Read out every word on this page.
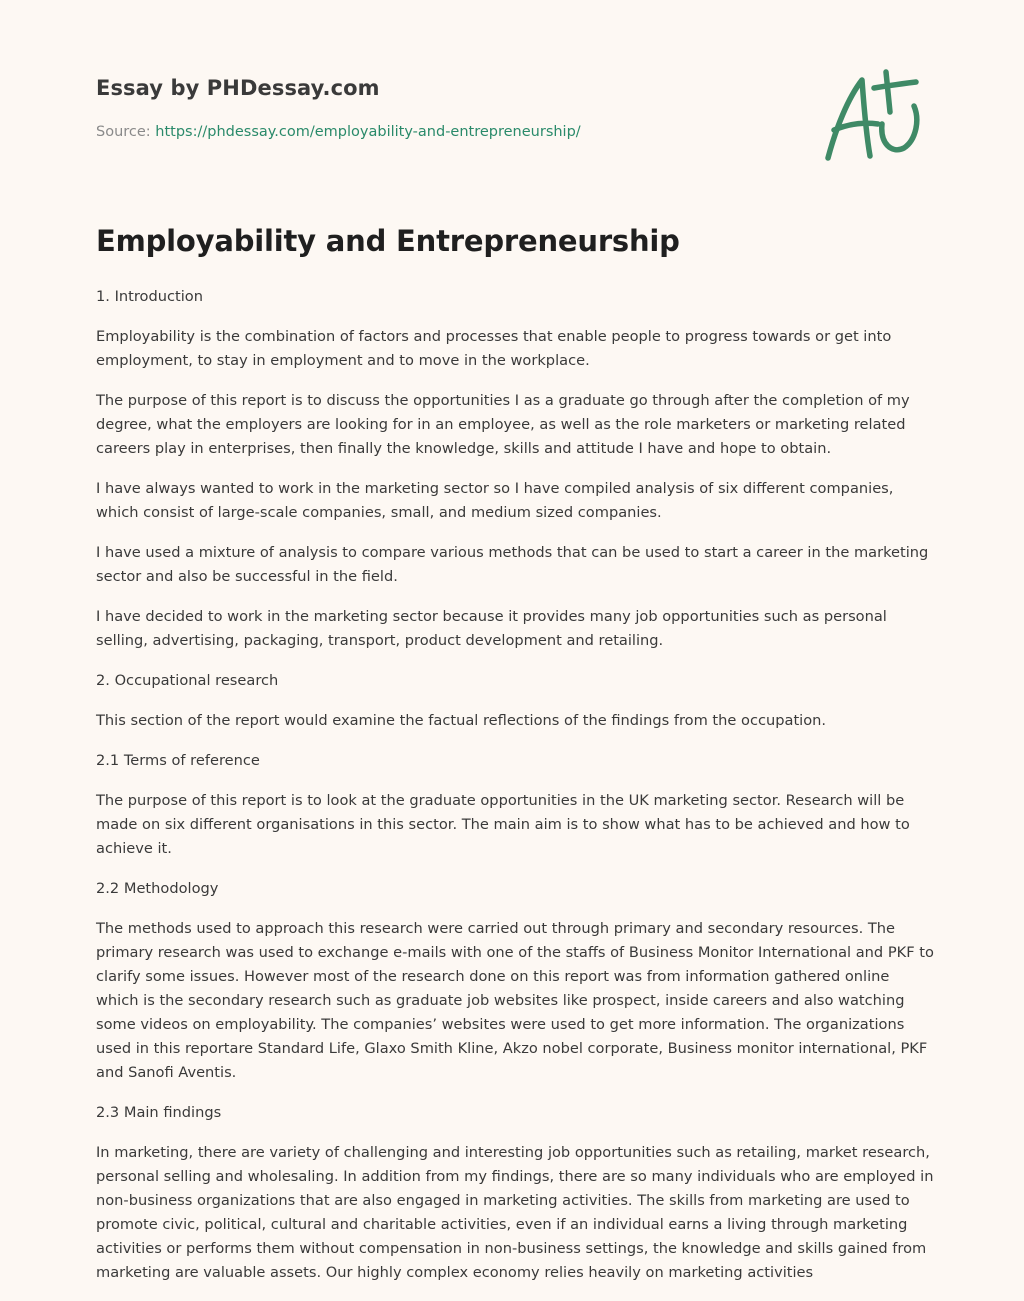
Essay by PHDessay.com
Source: https://phdessay.com/employability-and-entrepreneurship/
Employability and Entrepreneurship

1. Introduction

Employability is the combination of factors and processes that enable people to progress towards or get into employment, to stay in employment and to move in the workplace.

The purpose of this report is to discuss the opportunities I as a graduate go through after the completion of my degree, what the employers are looking for in an employee, as well as the role marketers or marketing related careers play in enterprises, then finally the knowledge, skills and attitude I have and hope to obtain.

I have always wanted to work in the marketing sector so I have compiled analysis of six different companies, which consist of large-scale companies, small, and medium sized companies.

I have used a mixture of analysis to compare various methods that can be used to start a career in the marketing sector and also be successful in the field.

I have decided to work in the marketing sector because it provides many job opportunities such as personal selling, advertising, packaging, transport, product development and retailing.

2. Occupational research

This section of the report would examine the factual reflections of the findings from the occupation.

2.1 Terms of reference

The purpose of this report is to look at the graduate opportunities in the UK marketing sector. Research will be made on six different organisations in this sector. The main aim is to show what has to be achieved and how to achieve it.

2.2 Methodology

The methods used to approach this research were carried out through primary and secondary resources. The primary research was used to exchange e-mails with one of the staffs of Business Monitor International and PKF to clarify some issues. However most of the research done on this report was from information gathered online which is the secondary research such as graduate job websites like prospect, inside careers and also watching some videos on employability. The companies’ websites were used to get more information. The organizations used in this reportare Standard Life, Glaxo Smith Kline, Akzo nobel corporate, Business monitor international, PKF and Sanofi Aventis.

2.3 Main findings

In marketing, there are variety of challenging and interesting job opportunities such as retailing, market research, personal selling and wholesaling. In addition from my findings, there are so many individuals who are employed in non-business organizations that are also engaged in marketing activities. The skills from marketing are used to promote civic, political, cultural and charitable activities, even if an individual earns a living through marketing activities or performs them without compensation in non-business settings, the knowledge and skills gained from marketing are valuable assets. Our highly complex economy relies heavily on marketing activities
